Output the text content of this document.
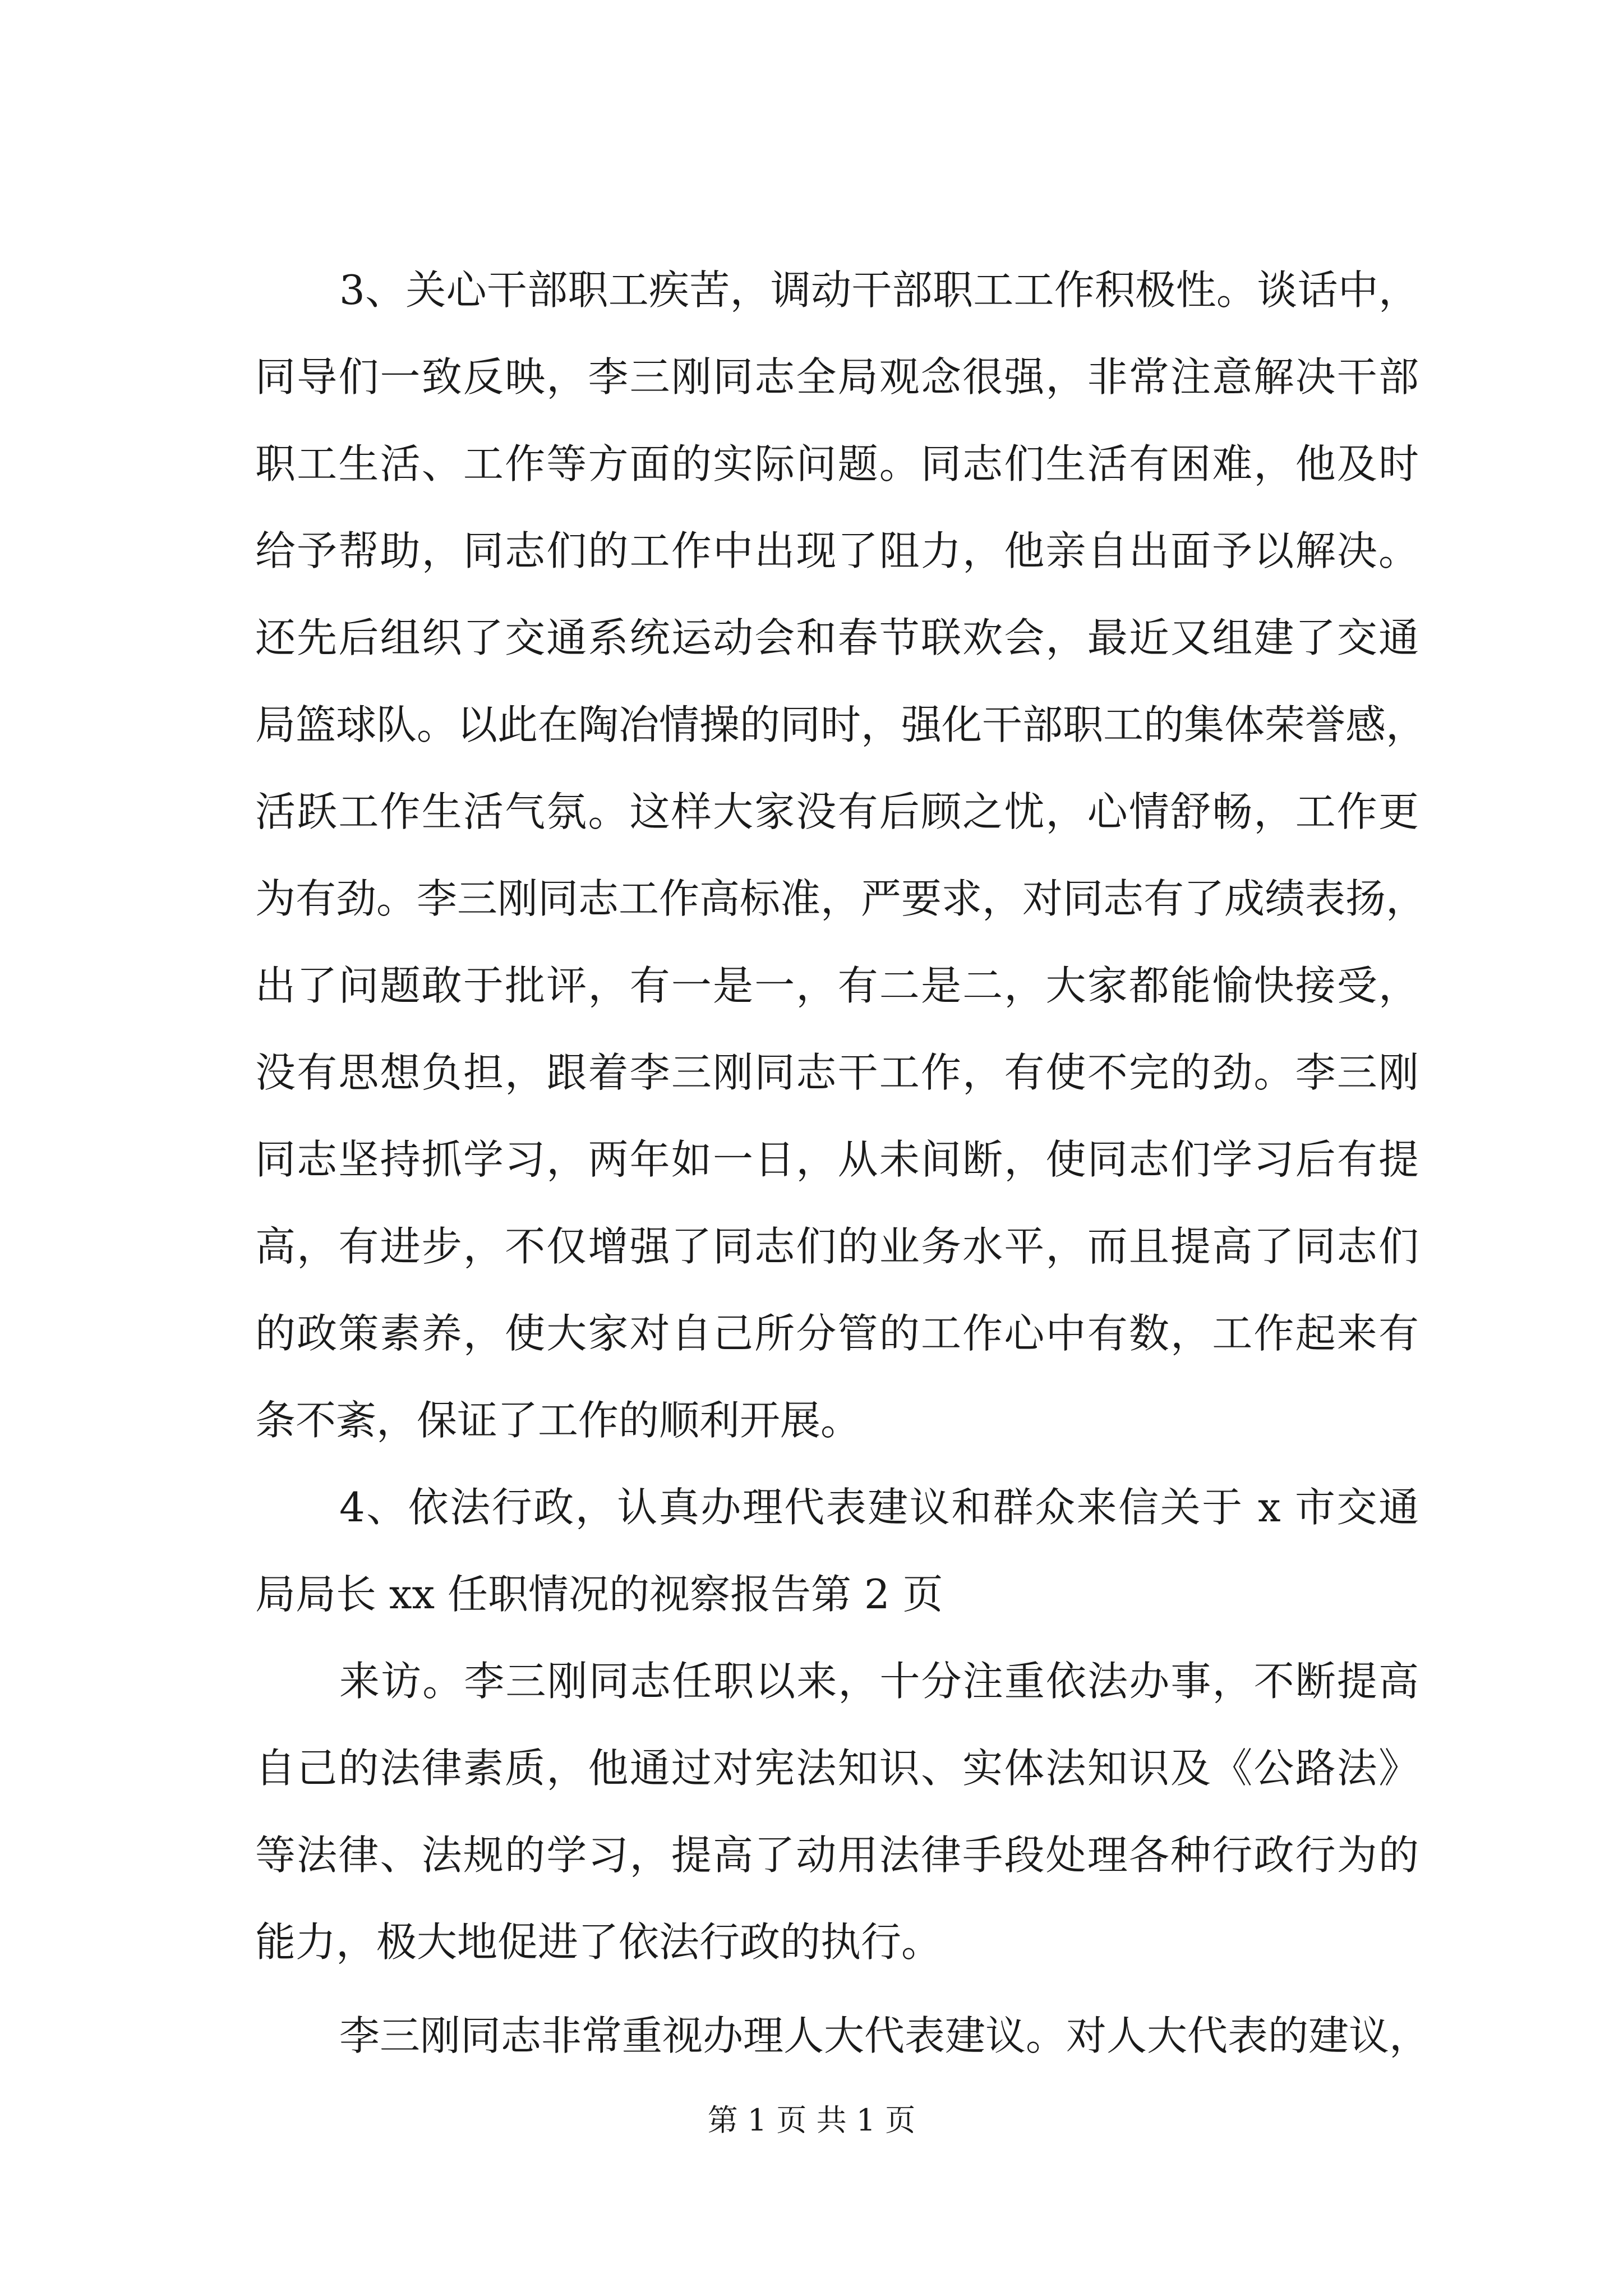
3、关心干部职工疾苦，调动干部职工工作积极性。谈话中，
同导们一致反映，李三刚同志全局观念很强，非常注意解决干部
职工生活、工作等方面的实际问题。同志们生活有困难，他及时
给予帮助，同志们的工作中出现了阻力，他亲自出面予以解决。
还先后组织了交通系统运动会和春节联欢会，最近又组建了交通
局篮球队。以此在陶冶情操的同时，强化干部职工的集体荣誉感，
活跃工作生活气氛。这样大家没有后顾之忧，心情舒畅，工作更
为有劲。李三刚同志工作高标准，严要求，对同志有了成绩表扬，
出了问题敢于批评，有一是一，有二是二，大家都能愉快接受，
没有思想负担，跟着李三刚同志干工作，有使不完的劲。李三刚
同志坚持抓学习，两年如一日，从未间断，使同志们学习后有提
高，有进步，不仅增强了同志们的业务水平，而且提高了同志们
的政策素养，使大家对自己所分管的工作心中有数，工作起来有
条不紊，保证了工作的顺利开展。
4、依法行政，认真办理代表建议和群众来信关于 x 市交通
局局长 xx 任职情况的视察报告第 2 页
来访。李三刚同志任职以来，十分注重依法办事，不断提高
自己的法律素质，他通过对宪法知识、实体法知识及《公路法》
等法律、法规的学习，提高了动用法律手段处理各种行政行为的
能力，极大地促进了依法行政的执行。
李三刚同志非常重视办理人大代表建议。对人大代表的建议，
第 1 页 共 1 页
